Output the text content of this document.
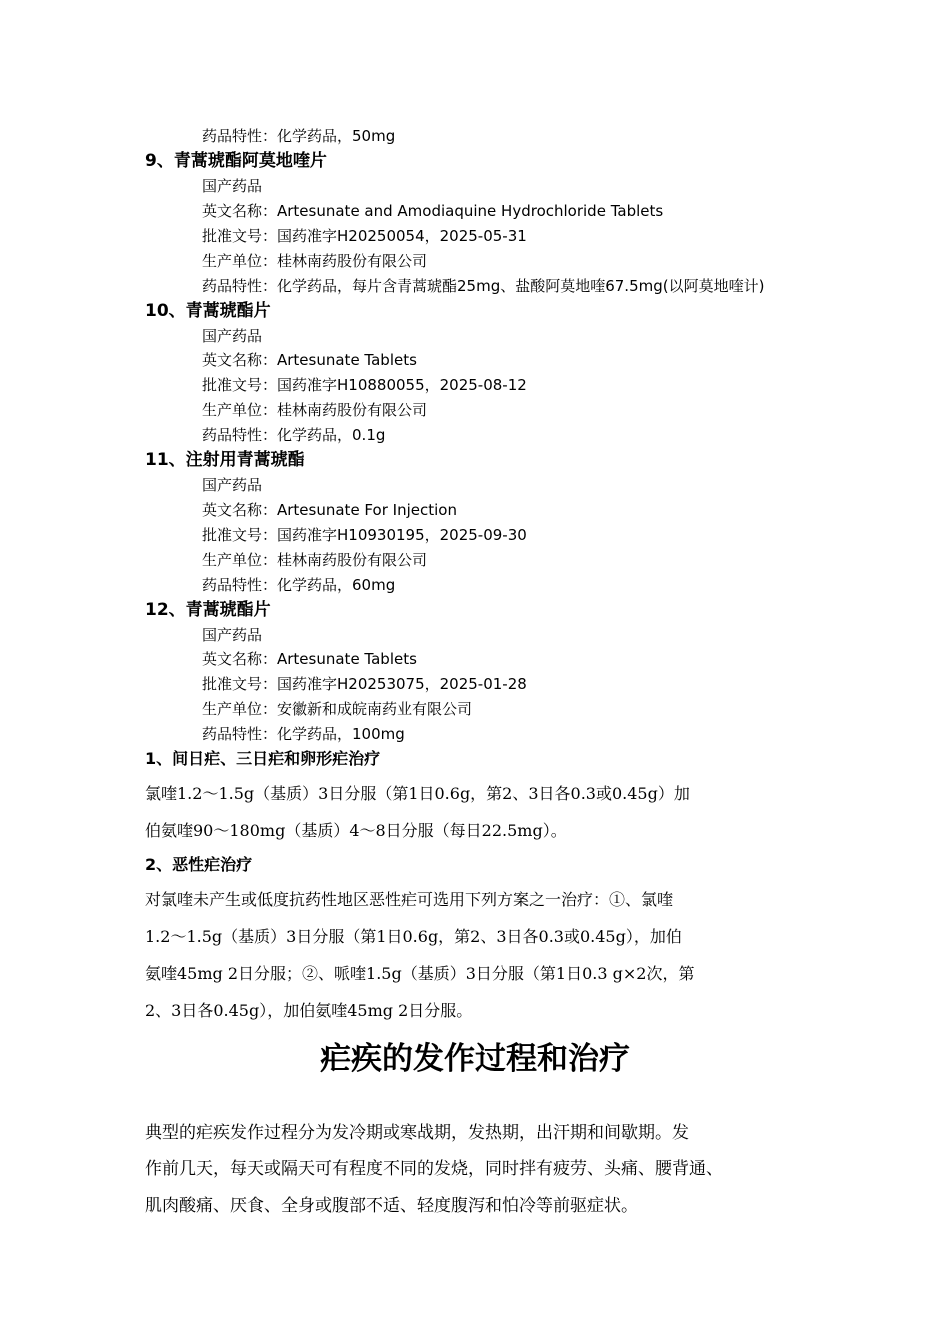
药品特性：化学药品，50mg
9、青蒿琥酯阿莫地喹片
国产药品
英文名称：Artesunate and Amodiaquine Hydrochloride Tablets
批准文号：国药准字H20250054，2025-05-31
生产单位：桂林南药股份有限公司
药品特性：化学药品，每片含青蒿琥酯25mg、盐酸阿莫地喹67.5mg(以阿莫地喹计)
10、青蒿琥酯片
国产药品
英文名称：Artesunate Tablets
批准文号：国药准字H10880055，2025-08-12
生产单位：桂林南药股份有限公司
药品特性：化学药品，0.1g
11、注射用青蒿琥酯
国产药品
英文名称：Artesunate For Injection
批准文号：国药准字H10930195，2025-09-30
生产单位：桂林南药股份有限公司
药品特性：化学药品，60mg
12、青蒿琥酯片
国产药品
英文名称：Artesunate Tablets
批准文号：国药准字H20253075，2025-01-28
生产单位：安徽新和成皖南药业有限公司
药品特性：化学药品，100mg
1、间日疟、三日疟和卵形疟治疗
氯喹1.2～1.5g（基质）3日分服（第1日0.6g，第2、3日各0.3或0.45g）加
伯氨喹90～180mg（基质）4～8日分服（每日22.5mg）。
2、恶性疟治疗
对氯喹未产生或低度抗药性地区恶性疟可选用下列方案之一治疗：①、氯喹
1.2～1.5g（基质）3日分服（第1日0.6g，第2、3日各0.3或0.45g），加伯
氨喹45mg 2日分服；②、哌喹1.5g（基质）3日分服（第1日0.3 g×2次，第
2、3日各0.45g），加伯氨喹45mg 2日分服。
疟疾的发作过程和治疗
典型的疟疾发作过程分为发冷期或寒战期，发热期，出汗期和间歇期。发
作前几天，每天或隔天可有程度不同的发烧，同时拌有疲劳、头痛、腰背通、
肌肉酸痛、厌食、全身或腹部不适、轻度腹泻和怕冷等前驱症状。
